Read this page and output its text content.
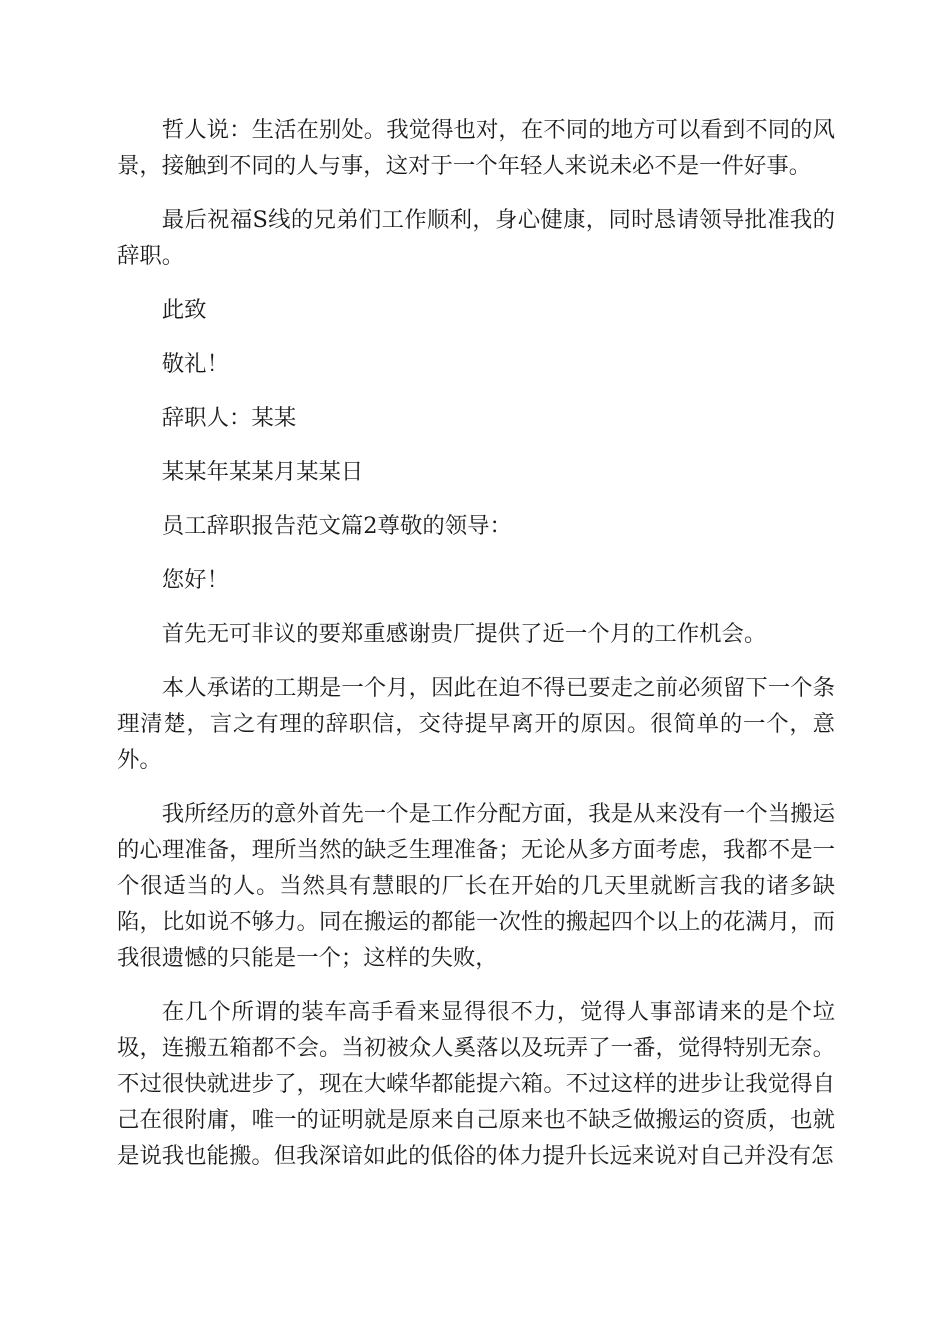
哲人说：生活在别处。我觉得也对，在不同的地方可以看到不同的风景，接触到不同的人与事，这对于一个年轻人来说未必不是一件好事。

最后祝福S线的兄弟们工作顺利，身心健康，同时恳请领导批准我的辞职。

此致

敬礼！

辞职人：某某

某某年某某月某某日

员工辞职报告范文篇2尊敬的领导：

您好！

首先无可非议的要郑重感谢贵厂提供了近一个月的工作机会。

本人承诺的工期是一个月，因此在迫不得已要走之前必须留下一个条理清楚，言之有理的辞职信，交待提早离开的原因。很简单的一个，意外。

我所经历的意外首先一个是工作分配方面，我是从来没有一个当搬运的心理准备，理所当然的缺乏生理准备；无论从多方面考虑，我都不是一个很适当的人。当然具有慧眼的厂长在开始的几天里就断言我的诸多缺陷，比如说不够力。同在搬运的都能一次性的搬起四个以上的花满月，而我很遗憾的只能是一个；这样的失败，

在几个所谓的装车高手看来显得很不力，觉得人事部请来的是个垃圾，连搬五箱都不会。当初被众人奚落以及玩弄了一番，觉得特别无奈。不过很快就进步了，现在大嵘华都能提六箱。不过这样的进步让我觉得自己在很附庸，唯一的证明就是原来自己原来也不缺乏做搬运的资质，也就是说我也能搬。但我深谙如此的低俗的体力提升长远来说对自己并没有怎
